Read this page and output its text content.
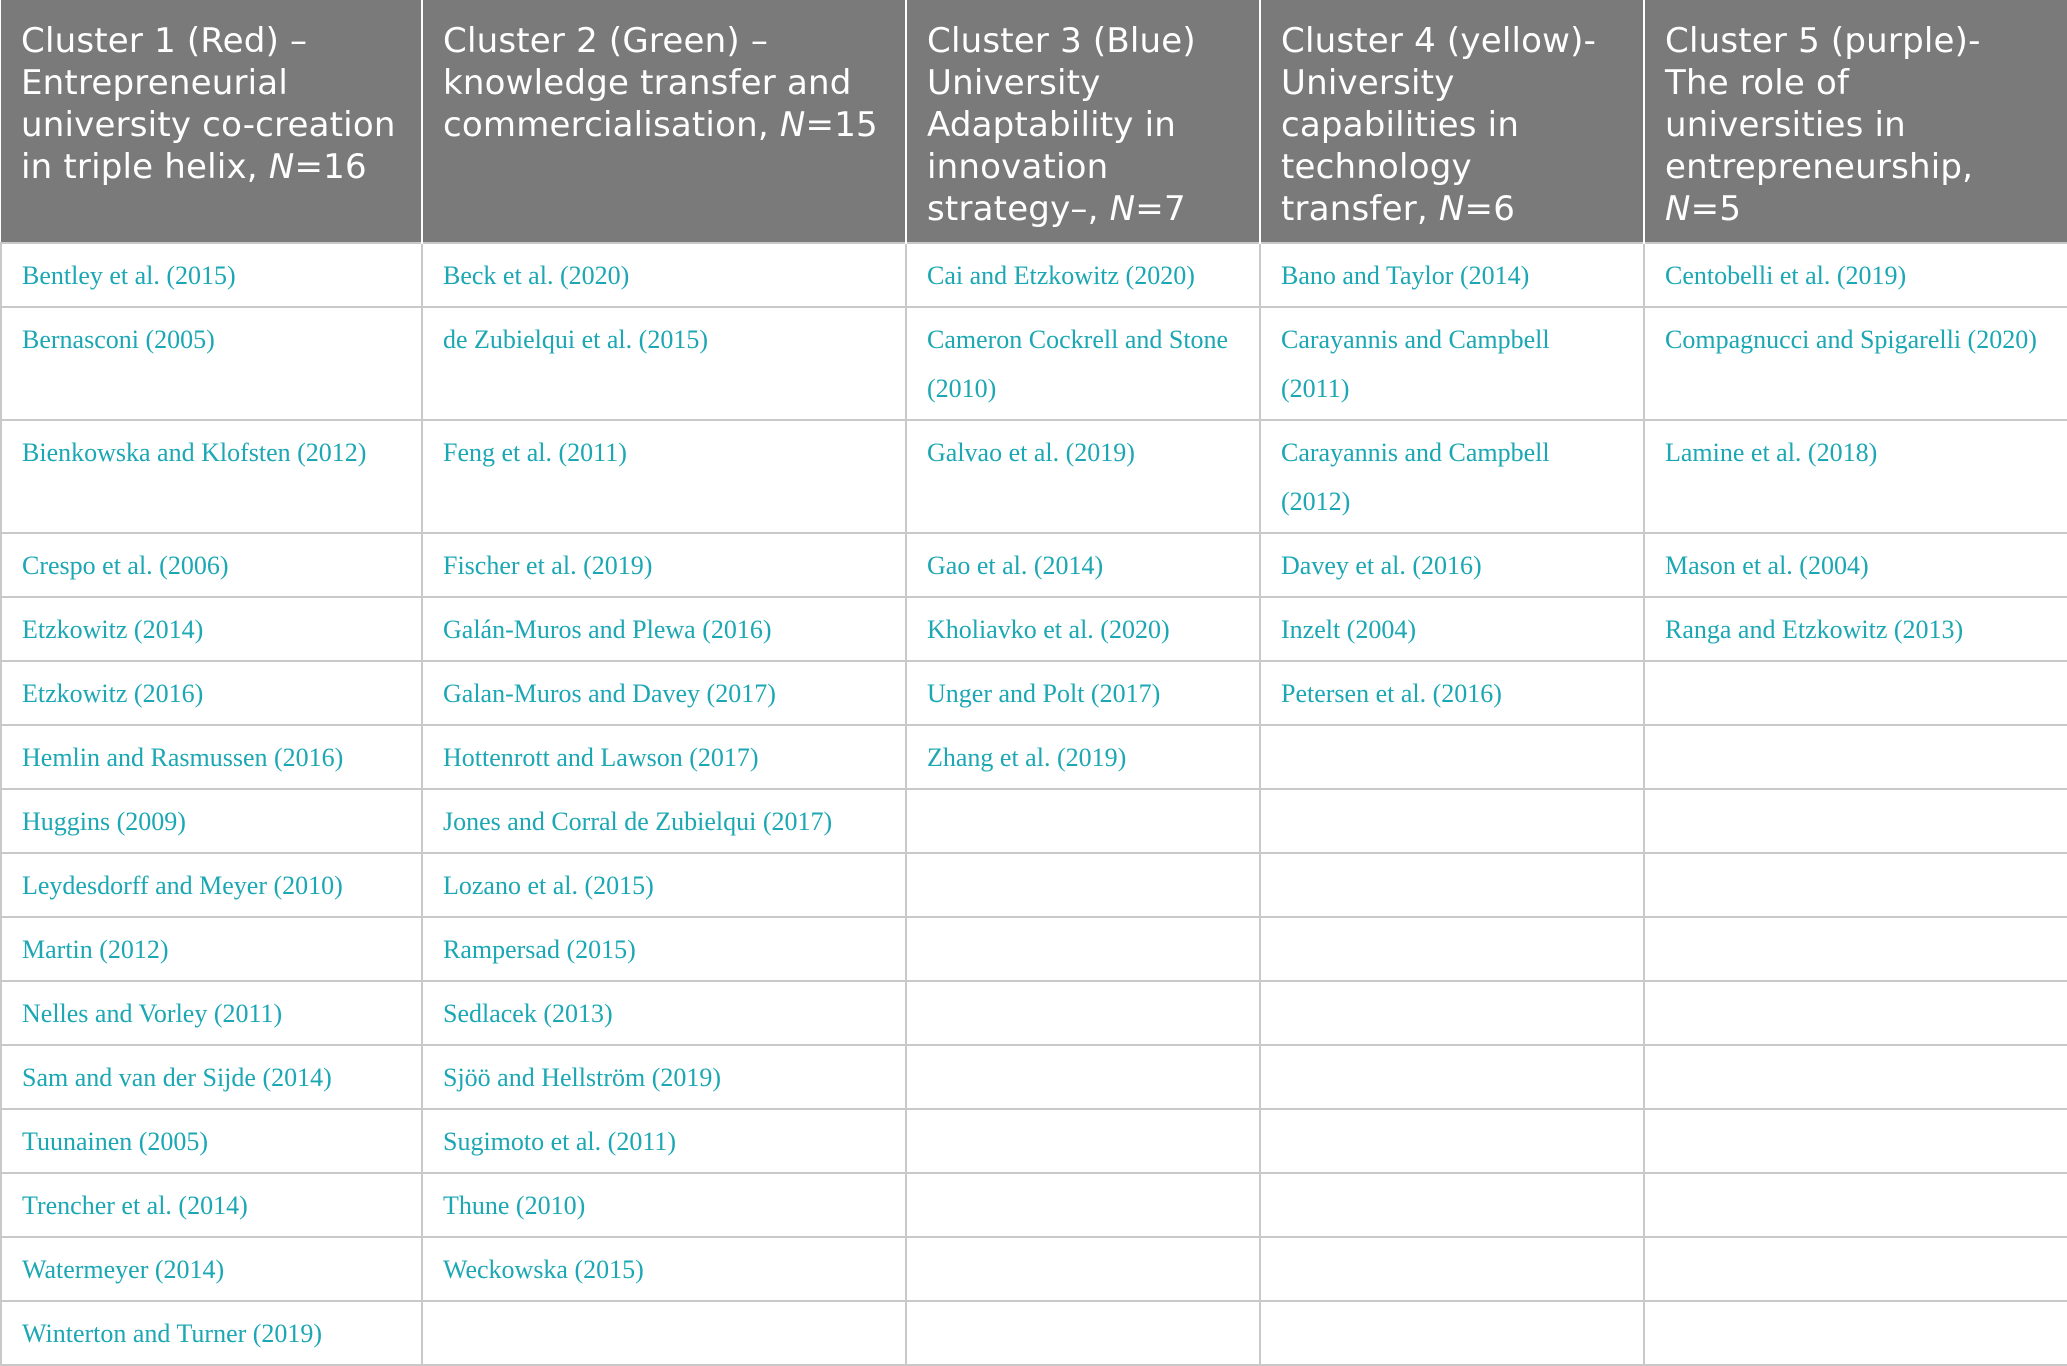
Cluster 1 (Red) – Entrepreneurial university co-creation in triple helix, N=16	Cluster 2 (Green) – knowledge transfer and commercialisation, N=15	Cluster 3 (Blue) University Adaptability in innovation strategy–, N=7	Cluster 4 (yellow)- University capabilities in technology transfer, N=6	Cluster 5 (purple)- The role of universities in entrepreneurship, N=5
Bentley et al. (2015)	Beck et al. (2020)	Cai and Etzkowitz (2020)	Bano and Taylor (2014)	Centobelli et al. (2019)
Bernasconi (2005)	de Zubielqui et al. (2015)	Cameron Cockrell and Stone (2010)	Carayannis and Campbell (2011)	Compagnucci and Spigarelli (2020)
Bienkowska and Klofsten (2012)	Feng et al. (2011)	Galvao et al. (2019)	Carayannis and Campbell (2012)	Lamine et al. (2018)
Crespo et al. (2006)	Fischer et al. (2019)	Gao et al. (2014)	Davey et al. (2016)	Mason et al. (2004)
Etzkowitz (2014)	Galán-Muros and Plewa (2016)	Kholiavko et al. (2020)	Inzelt (2004)	Ranga and Etzkowitz (2013)
Etzkowitz (2016)	Galan-Muros and Davey (2017)	Unger and Polt (2017)	Petersen et al. (2016)	
Hemlin and Rasmussen (2016)	Hottenrott and Lawson (2017)	Zhang et al. (2019)		
Huggins (2009)	Jones and Corral de Zubielqui (2017)			
Leydesdorff and Meyer (2010)	Lozano et al. (2015)			
Martin (2012)	Rampersad (2015)			
Nelles and Vorley (2011)	Sedlacek (2013)			
Sam and van der Sijde (2014)	Sjöö and Hellström (2019)			
Tuunainen (2005)	Sugimoto et al. (2011)			
Trencher et al. (2014)	Thune (2010)			
Watermeyer (2014)	Weckowska (2015)			
Winterton and Turner (2019)				
